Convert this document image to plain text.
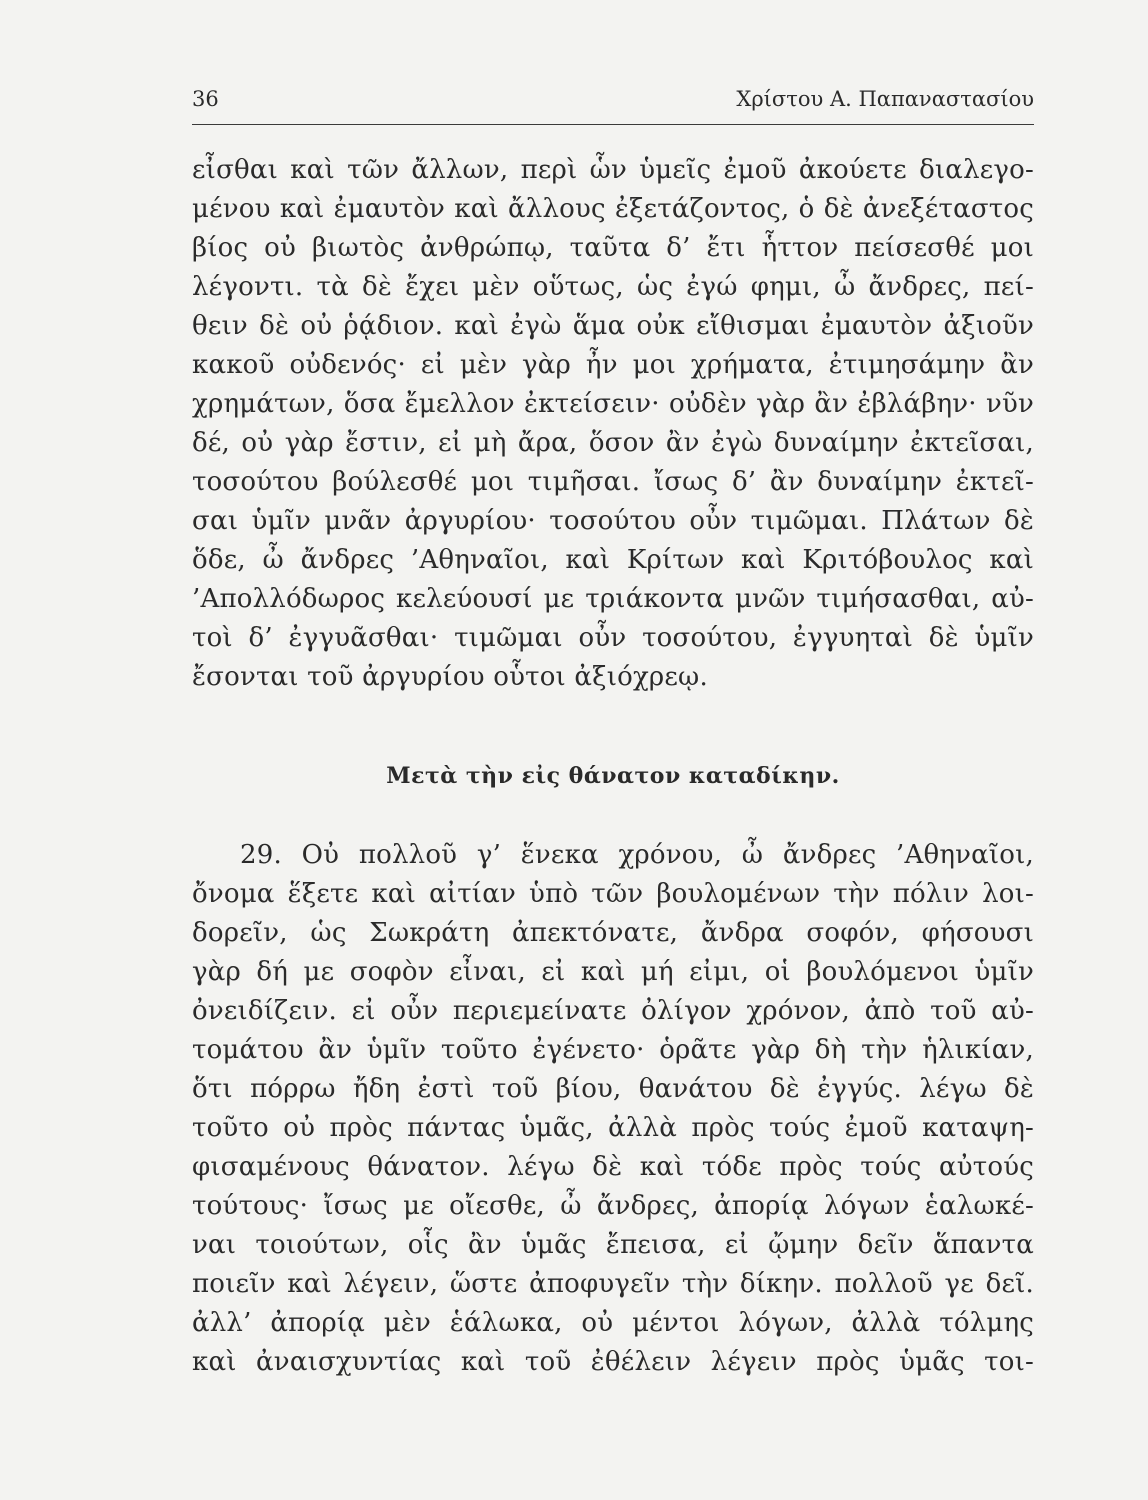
36	Χρίστου Α. Παπαναστασίου
εἶσθαι καὶ τῶν ἄλλων, περὶ ὧν ὑμεῖς ἐμοῦ ἀκούετε διαλεγο-
μένου καὶ ἐμαυτὸν καὶ ἄλλους ἐξετάζοντος, ὁ δὲ ἀνεξέταστος
βίος οὐ βιωτὸς ἀνθρώπῳ, ταῦτα δ’ ἔτι ἧττον πείσεσθέ μοι
λέγοντι. τὰ δὲ ἔχει μὲν οὕτως, ὡς ἐγώ φημι, ὦ ἄνδρες, πεί-
θειν δὲ οὐ ῥᾴδιον. καὶ ἐγὼ ἅμα οὐκ εἴθισμαι ἐμαυτὸν ἀξιοῦν
κακοῦ οὐδενός· εἰ μὲν γὰρ ἦν μοι χρήματα, ἐτιμησάμην ἂν
χρημάτων, ὅσα ἔμελλον ἐκτείσειν· οὐδὲν γὰρ ἂν ἐβλάβην· νῦν
δέ, οὐ γὰρ ἔστιν, εἰ μὴ ἄρα, ὅσον ἂν ἐγὼ δυναίμην ἐκτεῖσαι,
τοσούτου βούλεσθέ μοι τιμῆσαι. ἴσως δ’ ἂν δυναίμην ἐκτεῖ-
σαι ὑμῖν μνᾶν ἀργυρίου· τοσούτου οὖν τιμῶμαι. Πλάτων δὲ
ὅδε, ὦ ἄνδρες ’Αθηναῖοι, καὶ Κρίτων καὶ Κριτόβουλος καὶ
’Απολλόδωρος κελεύουσί με τριάκοντα μνῶν τιμήσασθαι, αὐ-
τοὶ δ’ ἐγγυᾶσθαι· τιμῶμαι οὖν τοσούτου, ἐγγυηταὶ δὲ ὑμῖν
ἔσονται τοῦ ἀργυρίου οὗτοι ἀξιόχρεῳ.
Μετὰ τὴν εἰς θάνατον καταδίκην.
29. Οὐ πολλοῦ γ’ ἕνεκα χρόνου, ὦ ἄνδρες ’Αθηναῖοι,
ὄνομα ἕξετε καὶ αἰτίαν ὑπὸ τῶν βουλομένων τὴν πόλιν λοι-
δορεῖν, ὡς Σωκράτη ἀπεκτόνατε, ἄνδρα σοφόν, φήσουσι
γὰρ δή με σοφὸν εἶναι, εἰ καὶ μή εἰμι, οἱ βουλόμενοι ὑμῖν
ὀνειδίζειν. εἰ οὖν περιεμείνατε ὀλίγον χρόνον, ἀπὸ τοῦ αὐ-
τομάτου ἂν ὑμῖν τοῦτο ἐγένετο· ὁρᾶτε γὰρ δὴ τὴν ἡλικίαν,
ὅτι πόρρω ἤδη ἐστὶ τοῦ βίου, θανάτου δὲ ἐγγύς. λέγω δὲ
τοῦτο οὐ πρὸς πάντας ὑμᾶς, ἀλλὰ πρὸς τούς ἐμοῦ καταψη-
φισαμένους θάνατον. λέγω δὲ καὶ τόδε πρὸς τούς αὐτούς
τούτους· ἴσως με οἴεσθε, ὦ ἄνδρες, ἀπορίᾳ λόγων ἑαλωκέ-
ναι τοιούτων, οἷς ἂν ὑμᾶς ἔπεισα, εἰ ᾤμην δεῖν ἅπαντα
ποιεῖν καὶ λέγειν, ὥστε ἀποφυγεῖν τὴν δίκην. πολλοῦ γε δεῖ.
ἀλλ’ ἀπορίᾳ μὲν ἑάλωκα, οὐ μέντοι λόγων, ἀλλὰ τόλμης
καὶ ἀναισχυντίας καὶ τοῦ ἐθέλειν λέγειν πρὸς ὑμᾶς τοι-
